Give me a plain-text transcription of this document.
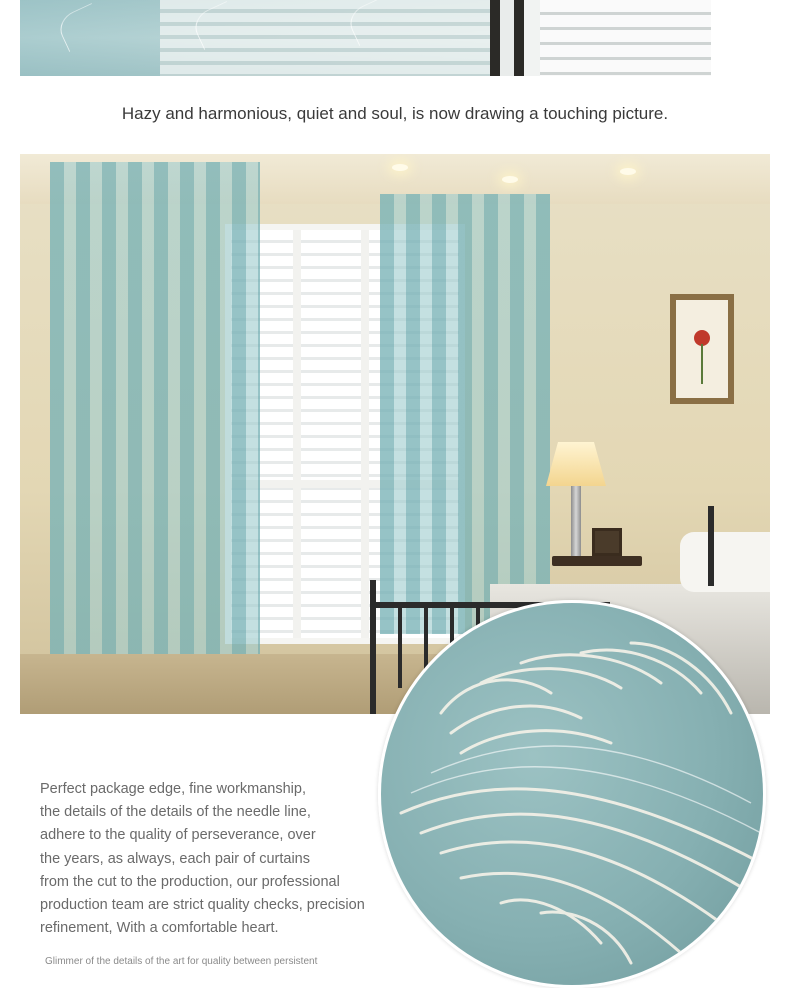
Hazy and harmonious, quiet and soul, is now drawing a touching picture.

Perfect package edge, fine workmanship,

the details of the details of the needle line,

adhere to the quality of perseverance, over

the years, as always, each pair of curtains

from the cut to the production, our professional

production team are strict quality checks, precision

refinement, With a comfortable heart.

Glimmer of the details of the art for quality between persistent
